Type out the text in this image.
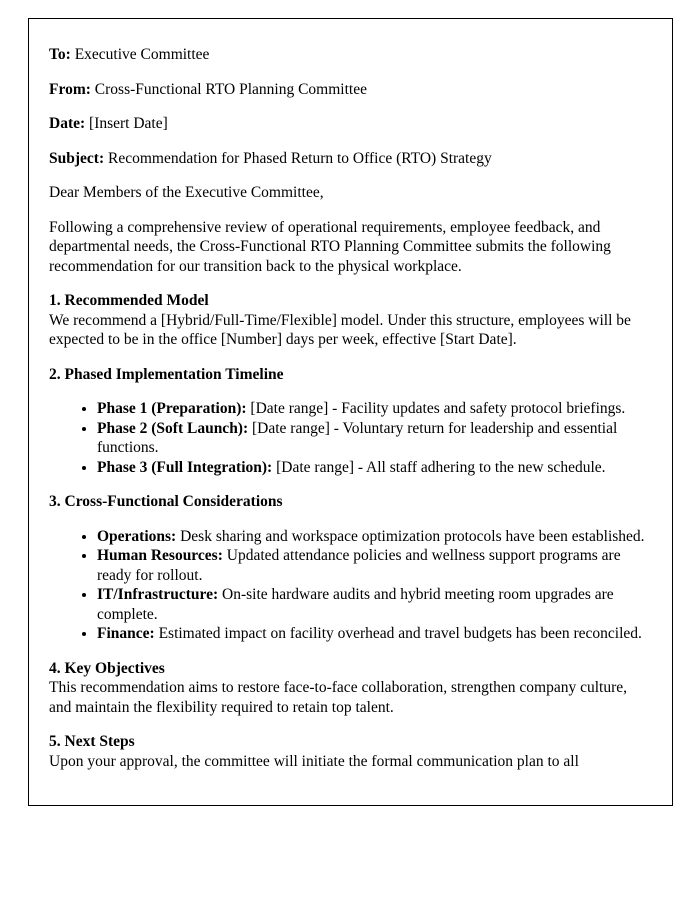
To: Executive Committee

From: Cross-Functional RTO Planning Committee

Date: [Insert Date]

Subject: Recommendation for Phased Return to Office (RTO) Strategy

Dear Members of the Executive Committee,

Following a comprehensive review of operational requirements, employee feedback, and departmental needs, the Cross-Functional RTO Planning Committee submits the following recommendation for our transition back to the physical workplace.

1. Recommended Model
We recommend a [Hybrid/Full-Time/Flexible] model. Under this structure, employees will be expected to be in the office [Number] days per week, effective [Start Date].
2. Phased Implementation Timeline
• Phase 1 (Preparation): [Date range] - Facility updates and safety protocol briefings.
• Phase 2 (Soft Launch): [Date range] - Voluntary return for leadership and essential functions.
• Phase 3 (Full Integration): [Date range] - All staff adhering to the new schedule.
3. Cross-Functional Considerations
• Operations: Desk sharing and workspace optimization protocols have been established.
• Human Resources: Updated attendance policies and wellness support programs are ready for rollout.
• IT/Infrastructure: On-site hardware audits and hybrid meeting room upgrades are complete.
• Finance: Estimated impact on facility overhead and travel budgets has been reconciled.
4. Key Objectives
This recommendation aims to restore face-to-face collaboration, strengthen company culture, and maintain the flexibility required to retain top talent.
5. Next Steps
Upon your approval, the committee will initiate the formal communication plan to all
